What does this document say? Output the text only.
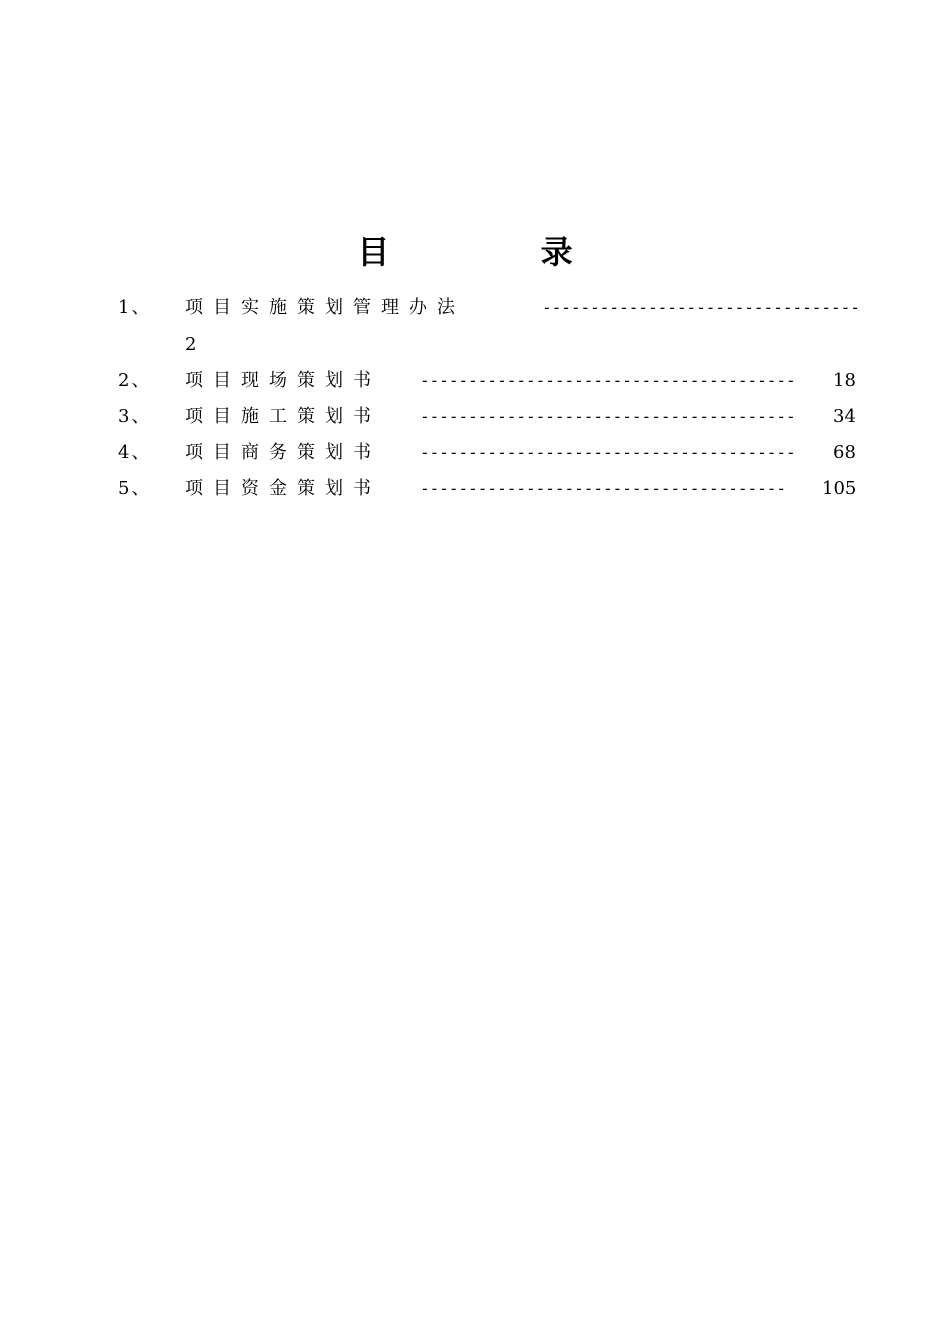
目 录
1、 项目实施策划管理办法	---------------------------------
2
2、 项目现场策划书 ---------------------------------------	18
3、 项目施工策划书 ---------------------------------------	34
4、 项目商务策划书 ---------------------------------------	68
5、 项目资金策划书 --------------------------------------	105
